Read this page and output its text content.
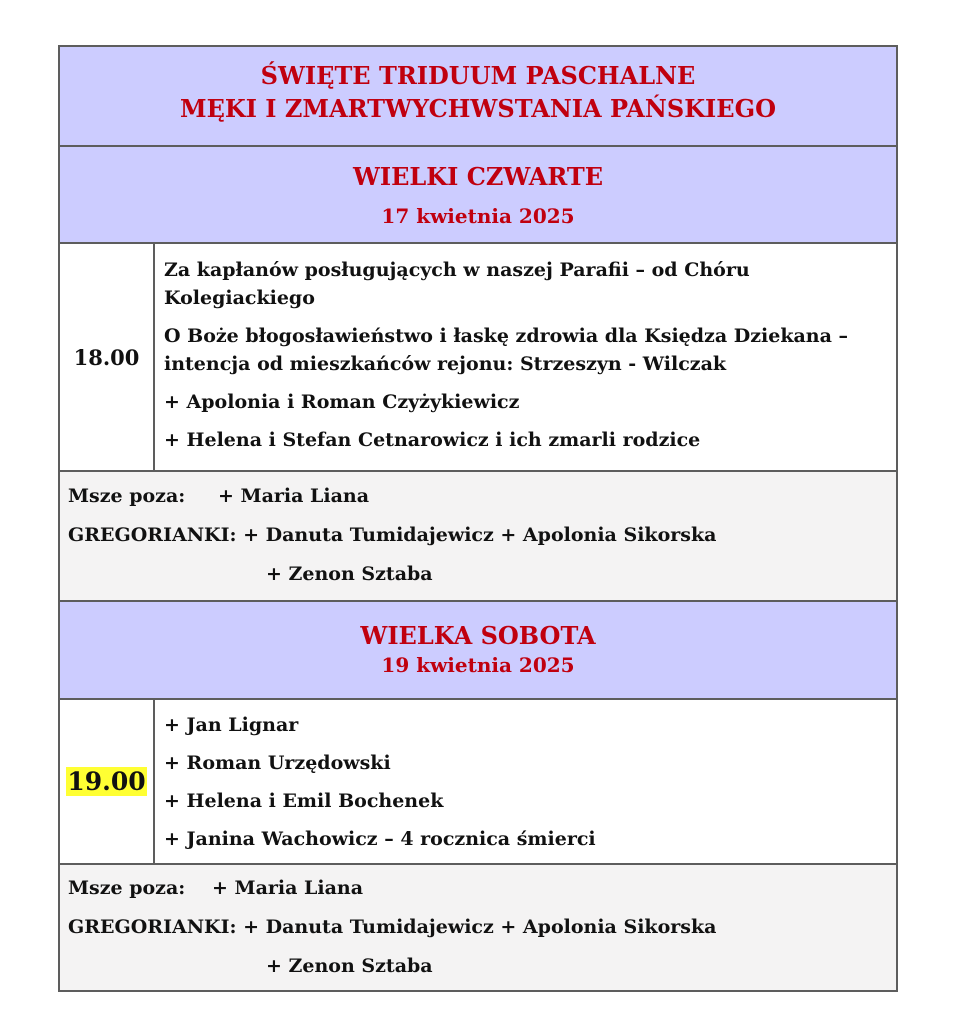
ŚWIĘTE TRIDUUM PASCHALNE
MĘKI I ZMARTWYCHWSTANIA PAŃSKIEGO
WIELKI CZWARTE
17 kwietnia 2025
18.00
Za kapłanów posługujących w naszej Parafii – od Chóru Kolegiackiego
O Boże błogosławieństwo i łaskę zdrowia dla Księdza Dziekana – intencja od mieszkańców rejonu: Strzeszyn - Wilczak
+ Apolonia i Roman Czyżykiewicz
+ Helena i Stefan Cetnarowicz i ich zmarli rodzice
Msze poza: + Maria Liana
GREGORIANKI: + Danuta Tumidajewicz + Apolonia Sikorska
+ Zenon Sztaba
WIELKA SOBOTA
19 kwietnia 2025
19.00
+ Jan Lignar
+ Roman Urzędowski
+ Helena i Emil Bochenek
+ Janina Wachowicz – 4 rocznica śmierci
Msze poza: + Maria Liana
GREGORIANKI: + Danuta Tumidajewicz + Apolonia Sikorska
+ Zenon Sztaba
